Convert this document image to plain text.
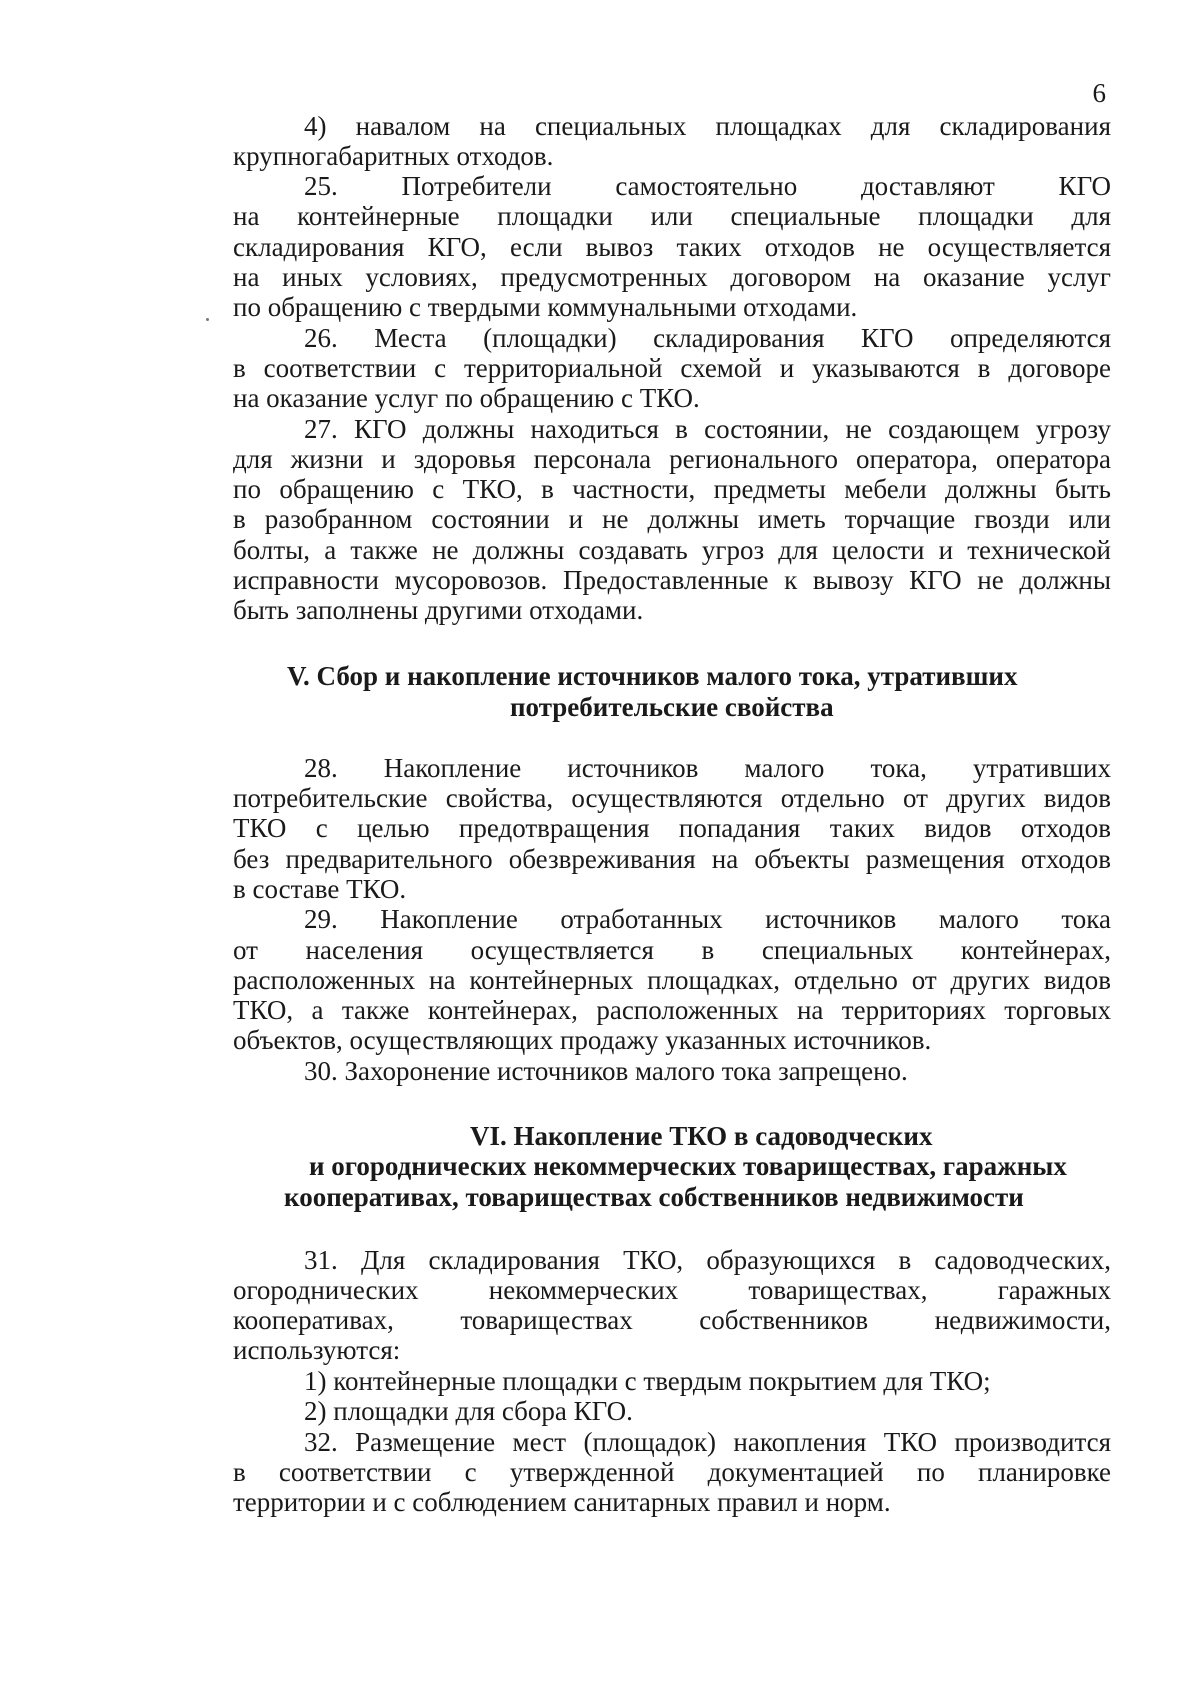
6
4) навалом на специальных площадках для складирования
крупногабаритных отходов.
25. Потребители самостоятельно доставляют КГО
на контейнерные площадки или специальные площадки для
складирования КГО, если вывоз таких отходов не осуществляется
на иных условиях, предусмотренных договором на оказание услуг
по обращению с твердыми коммунальными отходами.
26. Места (площадки) складирования КГО определяются
в соответствии с территориальной схемой и указываются в договоре
на оказание услуг по обращению с ТКО.
27. КГО должны находиться в состоянии, не создающем угрозу
для жизни и здоровья персонала регионального оператора, оператора
по обращению с ТКО, в частности, предметы мебели должны быть
в разобранном состоянии и не должны иметь торчащие гвозди или
болты, а также не должны создавать угроз для целости и технической
исправности мусоровозов. Предоставленные к вывозу КГО не должны
быть заполнены другими отходами.
V. Сбор и накопление источников малого тока, утративших
потребительские свойства
28. Накопление источников малого тока, утративших
потребительские свойства, осуществляются отдельно от других видов
ТКО с целью предотвращения попадания таких видов отходов
без предварительного обезвреживания на объекты размещения отходов
в составе ТКО.
29. Накопление отработанных источников малого тока
от населения осуществляется в специальных контейнерах,
расположенных на контейнерных площадках, отдельно от других видов
ТКО, а также контейнерах, расположенных на территориях торговых
объектов, осуществляющих продажу указанных источников.
30. Захоронение источников малого тока запрещено.
VI. Накопление ТКО в садоводческих
и огороднических некоммерческих товариществах, гаражных
кооперативах, товариществах собственников недвижимости
31. Для складирования ТКО, образующихся в садоводческих,
огороднических некоммерческих товариществах, гаражных
кооперативах, товариществах собственников недвижимости,
используются:
1) контейнерные площадки с твердым покрытием для ТКО;
2) площадки для сбора КГО.
32. Размещение мест (площадок) накопления ТКО производится
в соответствии с утвержденной документацией по планировке
территории и с соблюдением санитарных правил и норм.
